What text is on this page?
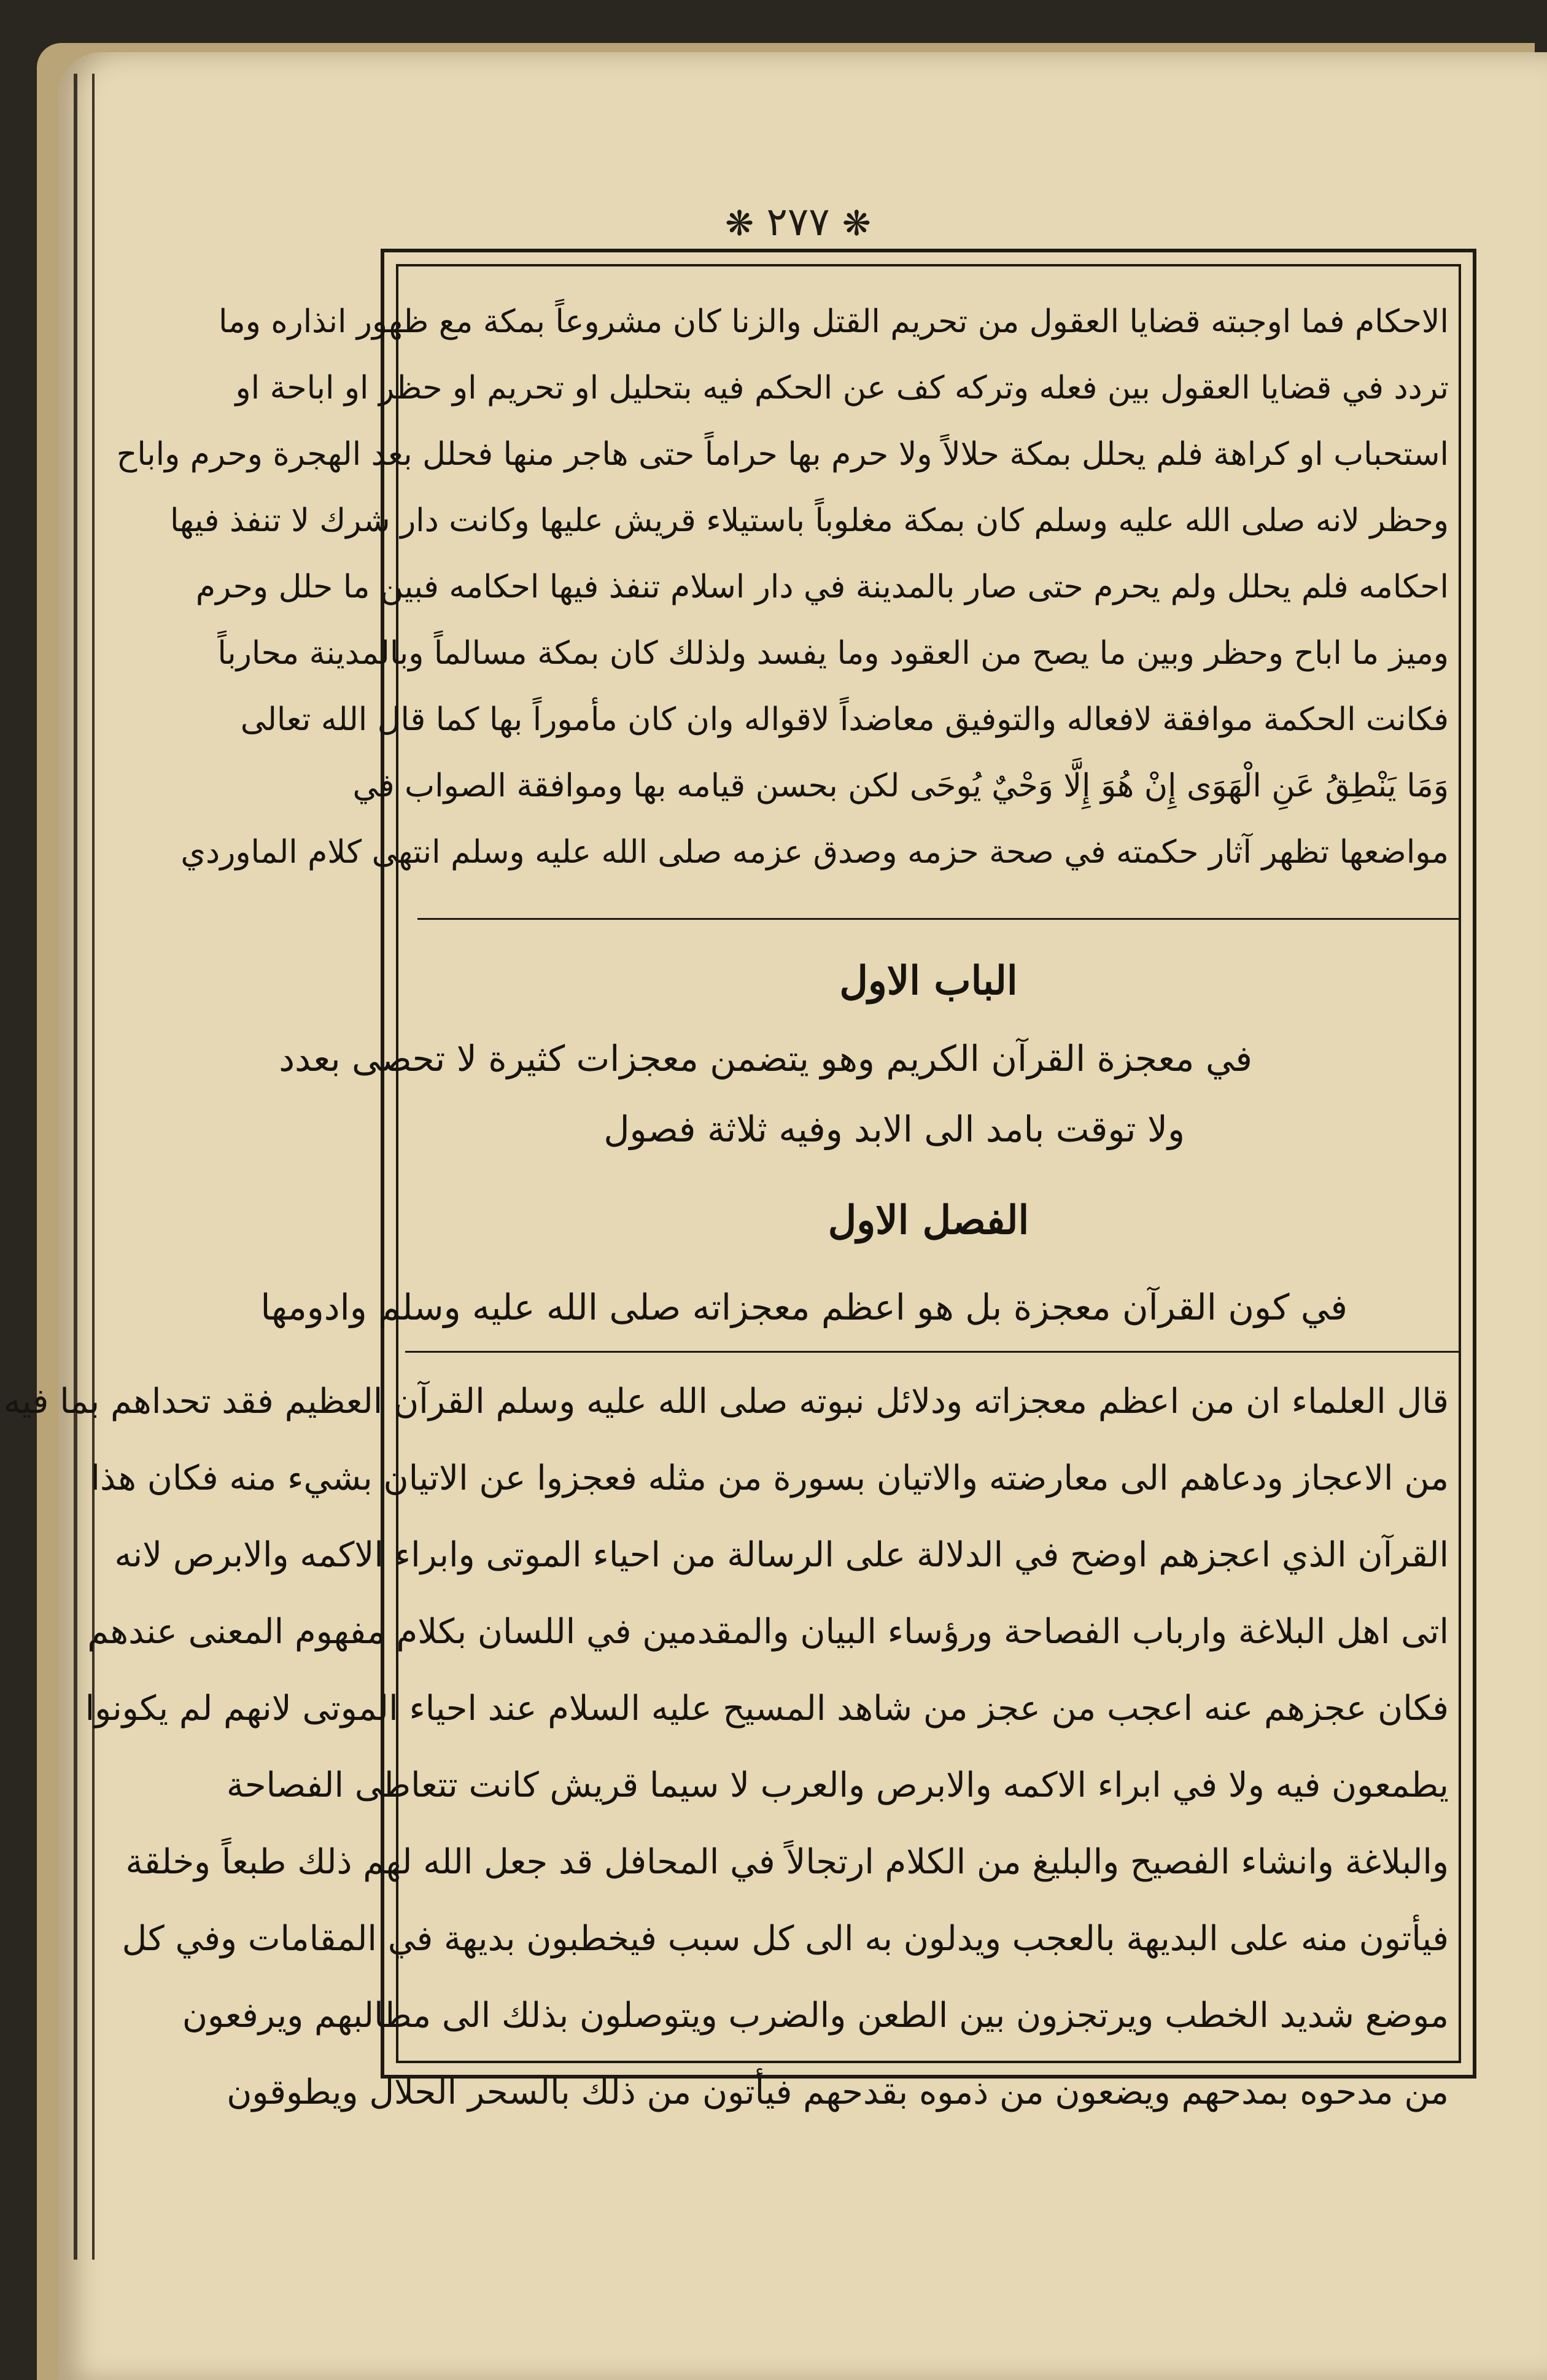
❋ ٢٧٧ ❋
الاحكام فما اوجبته قضايا العقول من تحريم القتل والزنا كان مشروعاً بمكة مع ظهور انذاره وما
تردد في قضايا العقول بين فعله وتركه كف عن الحكم فيه بتحليل او تحريم او حظر او اباحة او
استحباب او كراهة فلم يحلل بمكة حلالاً ولا حرم بها حراماً حتى هاجر منها فحلل بعد الهجرة وحرم واباح
وحظر لانه صلى الله عليه وسلم كان بمكة مغلوباً باستيلاء قريش عليها وكانت دار شرك لا تنفذ فيها
احكامه فلم يحلل ولم يحرم حتى صار بالمدينة في دار اسلام تنفذ فيها احكامه فبين ما حلل وحرم
وميز ما اباح وحظر وبين ما يصح من العقود وما يفسد ولذلك كان بمكة مسالماً وبالمدينة محارباً
فكانت الحكمة موافقة لافعاله والتوفيق معاضداً لاقواله وان كان مأموراً بها كما قال الله تعالى
وَمَا يَنْطِقُ عَنِ الْهَوَى إِنْ هُوَ إِلَّا وَحْيٌ يُوحَى لكن بحسن قيامه بها وموافقة الصواب في
مواضعها تظهر آثار حكمته في صحة حزمه وصدق عزمه صلى الله عليه وسلم انتهى كلام الماوردي
الباب الاول
في معجزة القرآن الكريم وهو يتضمن معجزات كثيرة لا تحصى بعدد
ولا توقت بامد الى الابد وفيه ثلاثة فصول
الفصل الاول
في كون القرآن معجزة بل هو اعظم معجزاته صلى الله عليه وسلم وادومها
قال العلماء ان من اعظم معجزاته ودلائل نبوته صلى الله عليه وسلم القرآن العظيم فقد تحداهم بما فيه
من الاعجاز ودعاهم الى معارضته والاتيان بسورة من مثله فعجزوا عن الاتيان بشيء منه فكان هذا
القرآن الذي اعجزهم اوضح في الدلالة على الرسالة من احياء الموتى وابراء الاكمه والابرص لانه
اتى اهل البلاغة وارباب الفصاحة ورؤساء البيان والمقدمين في اللسان بكلام مفهوم المعنى عندهم
فكان عجزهم عنه اعجب من عجز من شاهد المسيح عليه السلام عند احياء الموتى لانهم لم يكونوا
يطمعون فيه ولا في ابراء الاكمه والابرص والعرب لا سيما قريش كانت تتعاطى الفصاحة
والبلاغة وانشاء الفصيح والبليغ من الكلام ارتجالاً في المحافل قد جعل الله لهم ذلك طبعاً وخلقة
فيأتون منه على البديهة بالعجب ويدلون به الى كل سبب فيخطبون بديهة في المقامات وفي كل
موضع شديد الخطب ويرتجزون بين الطعن والضرب ويتوصلون بذلك الى مطالبهم ويرفعون
من مدحوه بمدحهم ويضعون من ذموه بقدحهم فيأتون من ذلك بالسحر الحلال ويطوقون
